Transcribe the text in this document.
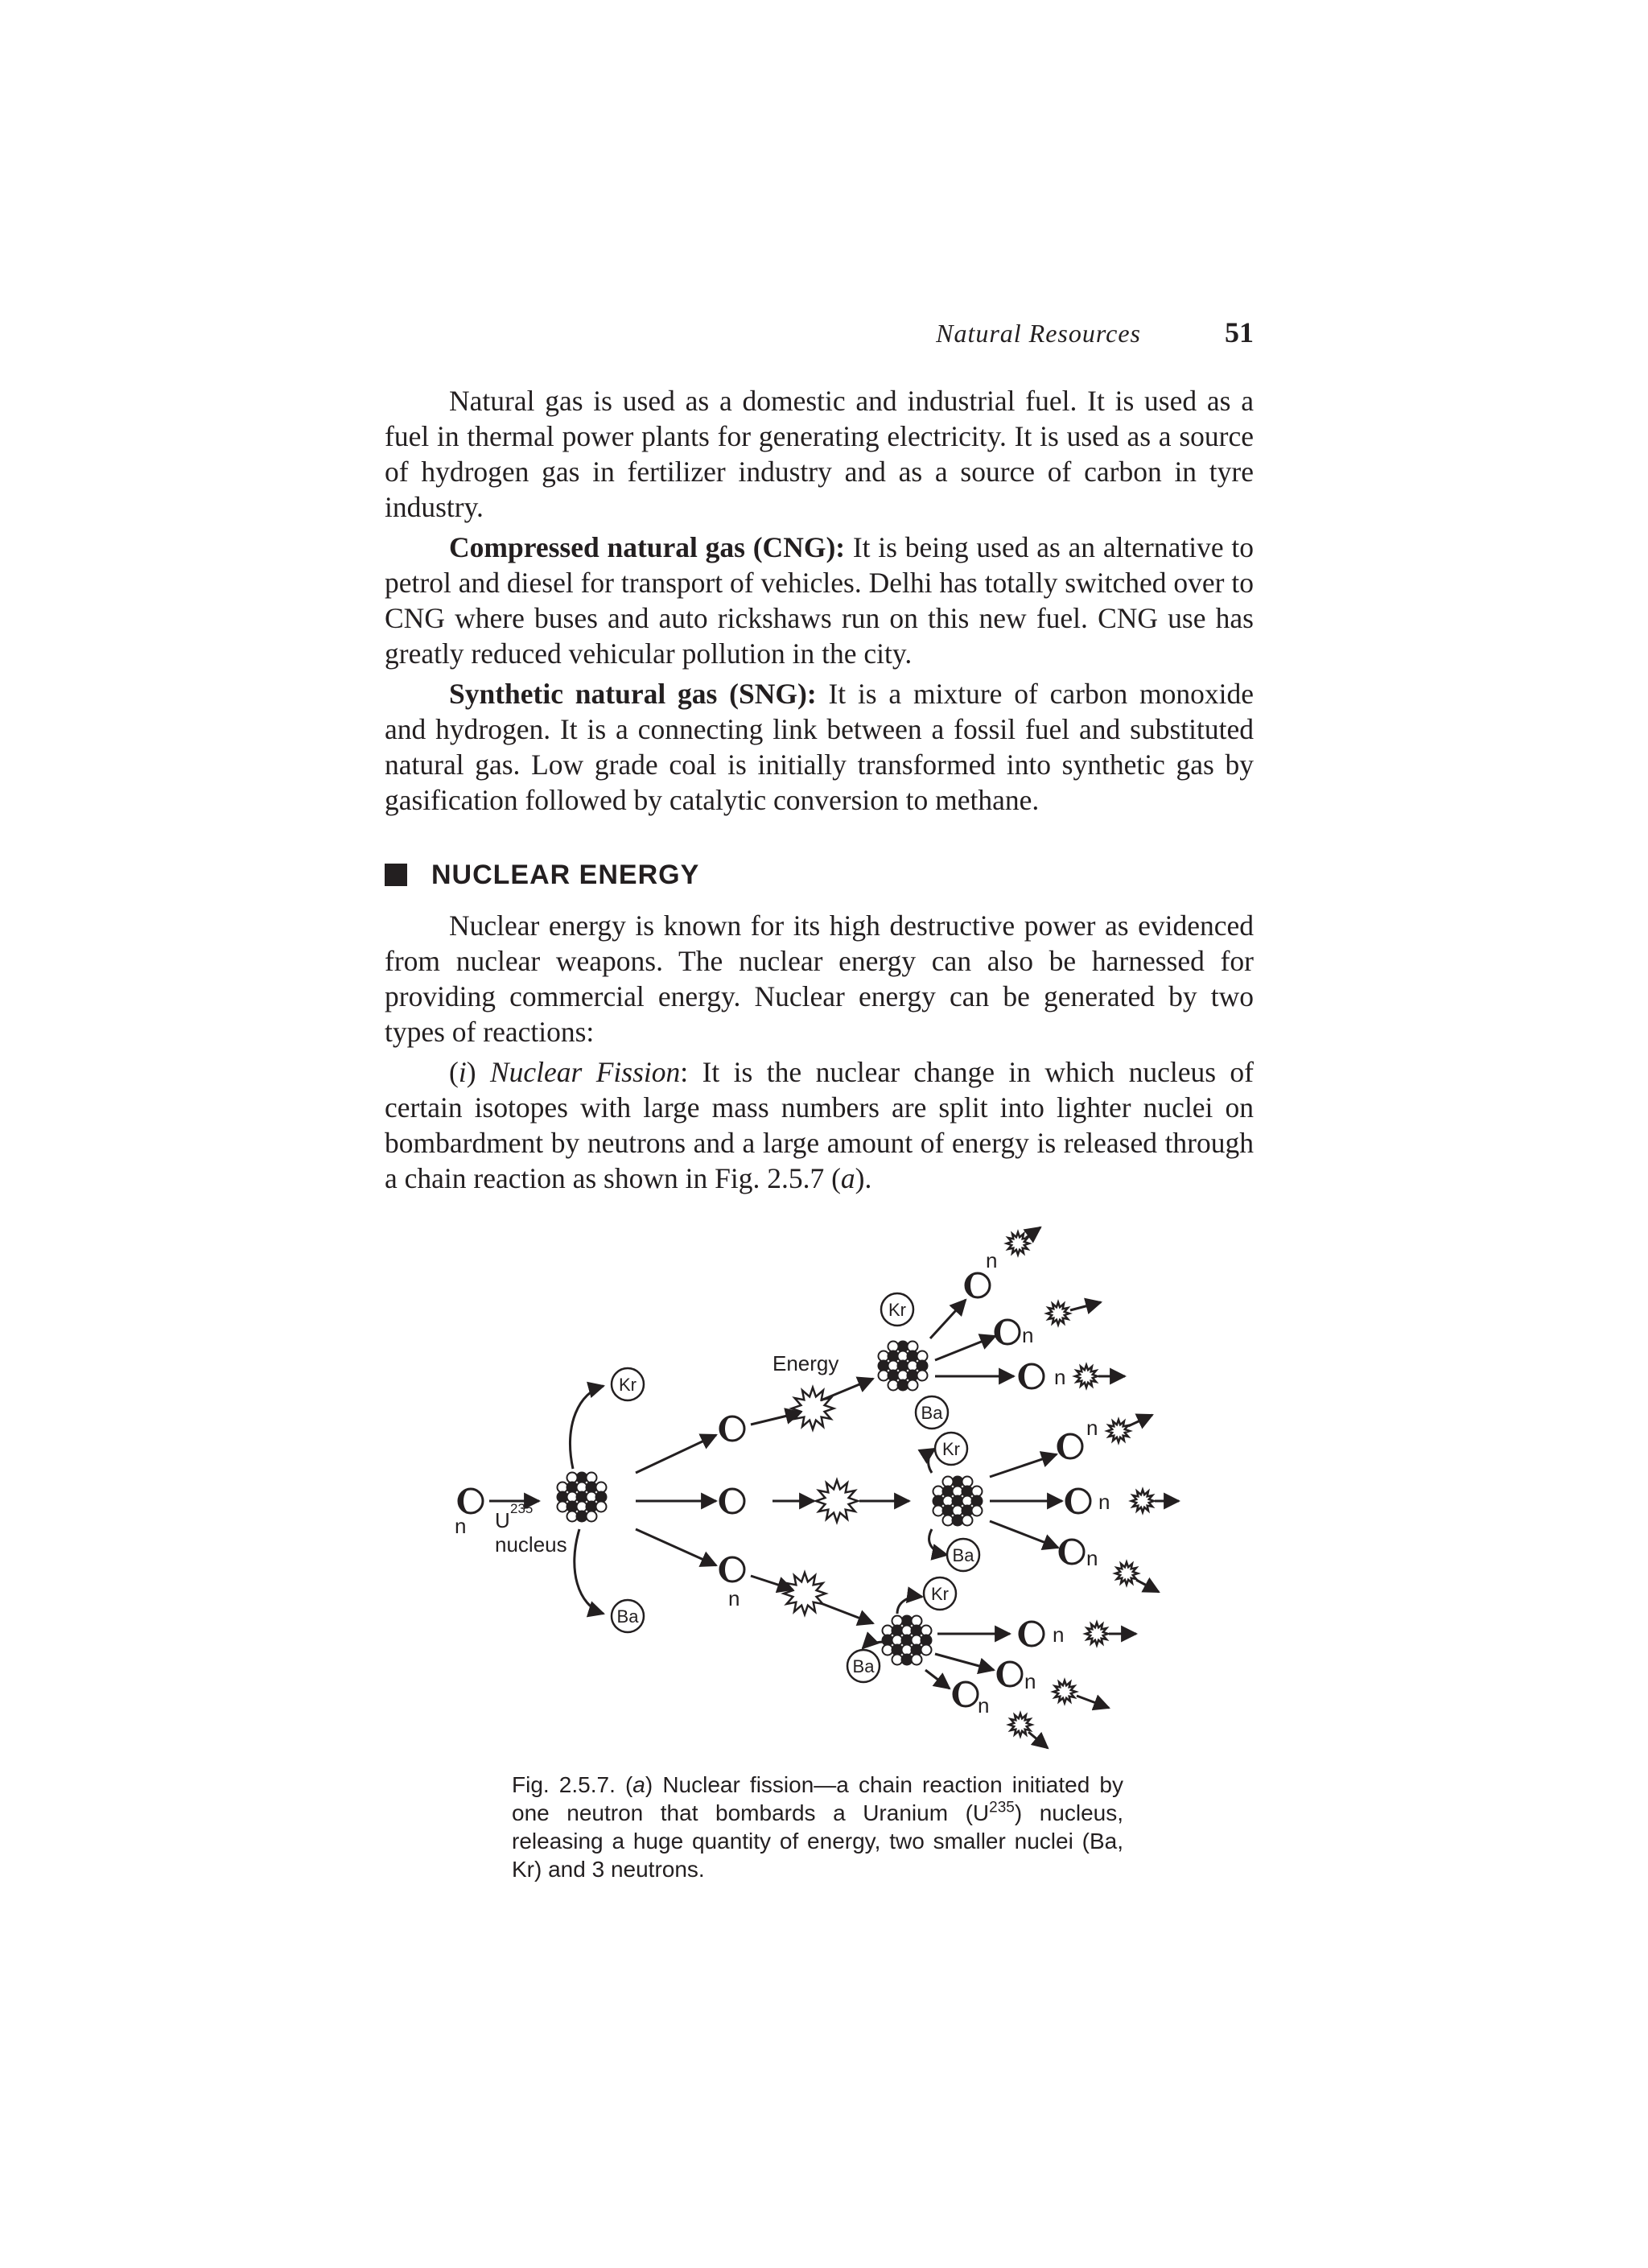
Natural Resources	51

Natural gas is used as a domestic and industrial fuel. It is used as a fuel in thermal power plants for generating electricity. It is used as a source of hydrogen gas in fertilizer industry and as a source of carbon in tyre industry.

Compressed natural gas (CNG): It is being used as an alternative to petrol and diesel for transport of vehicles. Delhi has totally switched over to CNG where buses and auto rickshaws run on this new fuel. CNG use has greatly reduced vehicular pollution in the city.

Synthetic natural gas (SNG): It is a mixture of carbon monoxide and hydrogen. It is a connecting link between a fossil fuel and substituted natural gas. Low grade coal is initially transformed into synthetic gas by gasification followed by catalytic conversion to methane.

NUCLEAR ENERGY

Nuclear energy is known for its high destructive power as evidenced from nuclear weapons. The nuclear energy can also be harnessed for providing commercial energy. Nuclear energy can be generated by two types of reactions:

(i) Nuclear Fission: It is the nuclear change in which nucleus of certain isotopes with large mass numbers are split into lighter nuclei on bombardment by neutrons and a large amount of energy is released through a chain reaction as shown in Fig. 2.5.7 (a).

n U 235
nucleus
Kr
Ba
n
Energy
Kr
Ba
n
n
n
Kr
Ba
n
n
n
Kr
Ba
n
n
n
Fig. 2.5.7. (a) Nuclear fission—a chain reaction initiated by one neutron that bombards a Uranium $(U^{235})$ nucleus, releasing a huge quantity of energy, two smaller nuclei (Ba, Kr) and 3 neutrons.
